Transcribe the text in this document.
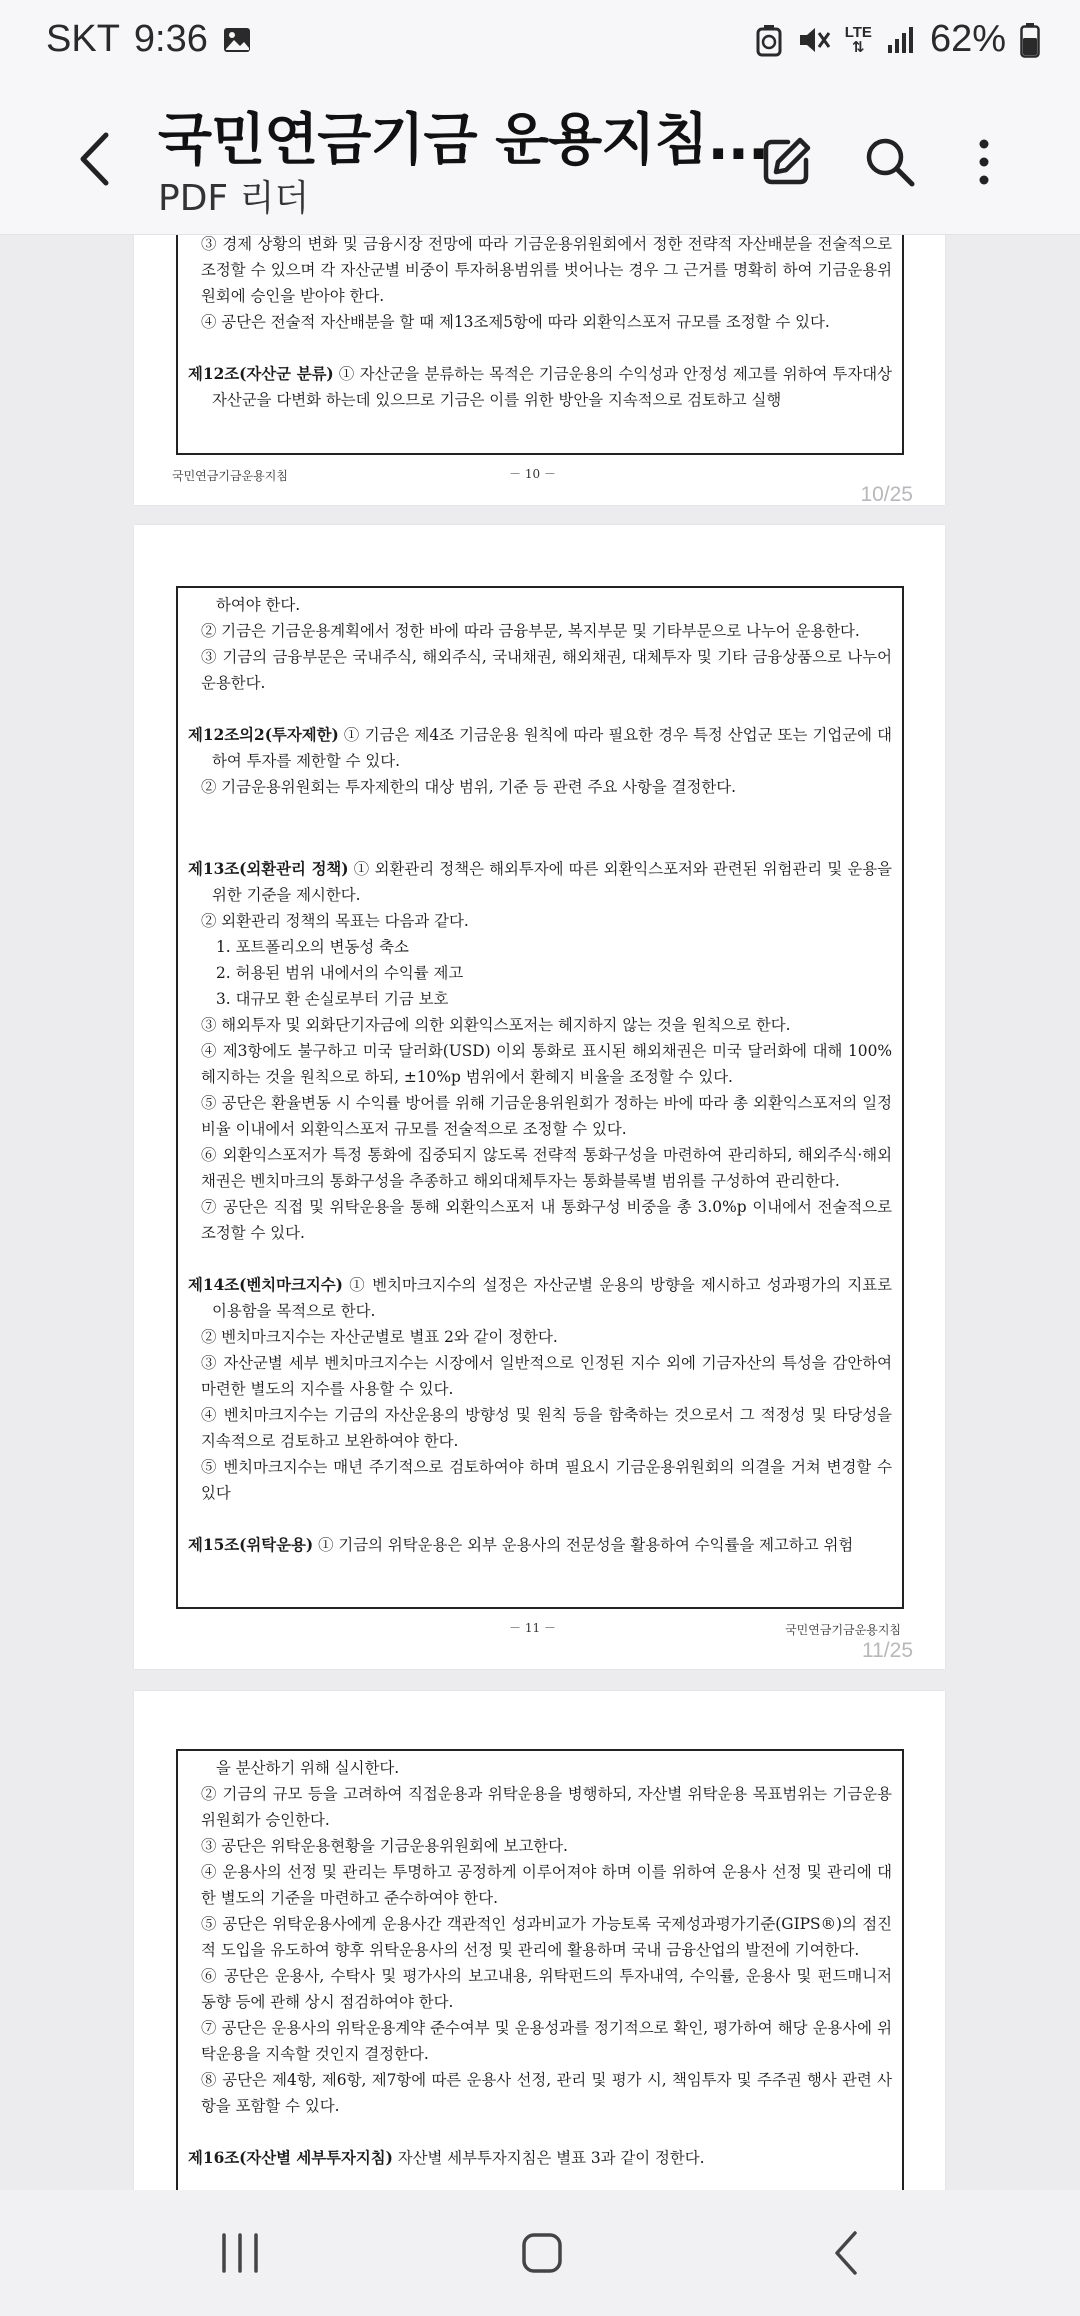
SKT 9:36	LTE
⇅ 62%
국민연금기금 운용지침...
PDF 리더

③ 경제 상황의 변화 및 금융시장 전망에 따라 기금운용위원회에서 정한 전략적 자산배분을 전술적으로 조정할 수 있으며 각 자산군별 비중이 투자허용범위를 벗어나는 경우 그 근거를 명확히 하여 기금운용위원회에 승인을 받아야 한다.

④ 공단은 전술적 자산배분을 할 때 제13조제5항에 따라 외환익스포저 규모를 조정할 수 있다.

제12조(자산군 분류) ① 자산군을 분류하는 목적은 기금운용의 수익성과 안정성 제고를 위하여 투자대상 자산군을 다변화 하는데 있으므로 기금은 이를 위한 방안을 지속적으로 검토하고 실행

국민연금기금운용지침	－ 10 －
10/25

하여야 한다.

② 기금은 기금운용계획에서 정한 바에 따라 금융부문, 복지부문 및 기타부문으로 나누어 운용한다.

③ 기금의 금융부문은 국내주식, 해외주식, 국내채권, 해외채권, 대체투자 및 기타 금융상품으로 나누어 운용한다.

제12조의2(투자제한) ① 기금은 제4조 기금운용 원칙에 따라 필요한 경우 특정 산업군 또는 기업군에 대하여 투자를 제한할 수 있다.

② 기금운용위원회는 투자제한의 대상 범위, 기준 등 관련 주요 사항을 결정한다.

제13조(외환관리 정책) ① 외환관리 정책은 해외투자에 따른 외환익스포저와 관련된 위험관리 및 운용을 위한 기준을 제시한다.

② 외환관리 정책의 목표는 다음과 같다.

1. 포트폴리오의 변동성 축소

2. 허용된 범위 내에서의 수익률 제고

3. 대규모 환 손실로부터 기금 보호

③ 해외투자 및 외화단기자금에 의한 외환익스포저는 헤지하지 않는 것을 원칙으로 한다.

④ 제3항에도 불구하고 미국 달러화(USD) 이외 통화로 표시된 해외채권은 미국 달러화에 대해 100% 헤지하는 것을 원칙으로 하되, ±10%p 범위에서 환헤지 비율을 조정할 수 있다.

⑤ 공단은 환율변동 시 수익률 방어를 위해 기금운용위원회가 정하는 바에 따라 총 외환익스포저의 일정 비율 이내에서 외환익스포저 규모를 전술적으로 조정할 수 있다.

⑥ 외환익스포저가 특정 통화에 집중되지 않도록 전략적 통화구성을 마련하여 관리하되, 해외주식·해외채권은 벤치마크의 통화구성을 추종하고 해외대체투자는 통화블록별 범위를 구성하여 관리한다.

⑦ 공단은 직접 및 위탁운용을 통해 외환익스포저 내 통화구성 비중을 총 3.0%p 이내에서 전술적으로 조정할 수 있다.

제14조(벤치마크지수) ① 벤치마크지수의 설정은 자산군별 운용의 방향을 제시하고 성과평가의 지표로 이용함을 목적으로 한다.

② 벤치마크지수는 자산군별로 별표 2와 같이 정한다.

③ 자산군별 세부 벤치마크지수는 시장에서 일반적으로 인정된 지수 외에 기금자산의 특성을 감안하여 마련한 별도의 지수를 사용할 수 있다.

④ 벤치마크지수는 기금의 자산운용의 방향성 및 원칙 등을 함축하는 것으로서 그 적정성 및 타당성을 지속적으로 검토하고 보완하여야 한다.

⑤ 벤치마크지수는 매년 주기적으로 검토하여야 하며 필요시 기금운용위원회의 의결을 거쳐 변경할 수 있다

제15조(위탁운용) ① 기금의 위탁운용은 외부 운용사의 전문성을 활용하여 수익률을 제고하고 위험

－ 11 －	국민연금기금운용지침
11/25

을 분산하기 위해 실시한다.

② 기금의 규모 등을 고려하여 직접운용과 위탁운용을 병행하되, 자산별 위탁운용 목표범위는 기금운용위원회가 승인한다.

③ 공단은 위탁운용현황을 기금운용위원회에 보고한다.

④ 운용사의 선정 및 관리는 투명하고 공정하게 이루어져야 하며 이를 위하여 운용사 선정 및 관리에 대한 별도의 기준을 마련하고 준수하여야 한다.

⑤ 공단은 위탁운용사에게 운용사간 객관적인 성과비교가 가능토록 국제성과평가기준(GIPS®)의 점진적 도입을 유도하여 향후 위탁운용사의 선정 및 관리에 활용하며 국내 금융산업의 발전에 기여한다.

⑥ 공단은 운용사, 수탁사 및 평가사의 보고내용, 위탁펀드의 투자내역, 수익률, 운용사 및 펀드매니저 동향 등에 관해 상시 점검하여야 한다.

⑦ 공단은 운용사의 위탁운용계약 준수여부 및 운용성과를 정기적으로 확인, 평가하여 해당 운용사에 위탁운용을 지속할 것인지 결정한다.

⑧ 공단은 제4항, 제6항, 제7항에 따른 운용사 선정, 관리 및 평가 시, 책임투자 및 주주권 행사 관련 사항을 포함할 수 있다.

제16조(자산별 세부투자지침) 자산별 세부투자지침은 별표 3과 같이 정한다.
